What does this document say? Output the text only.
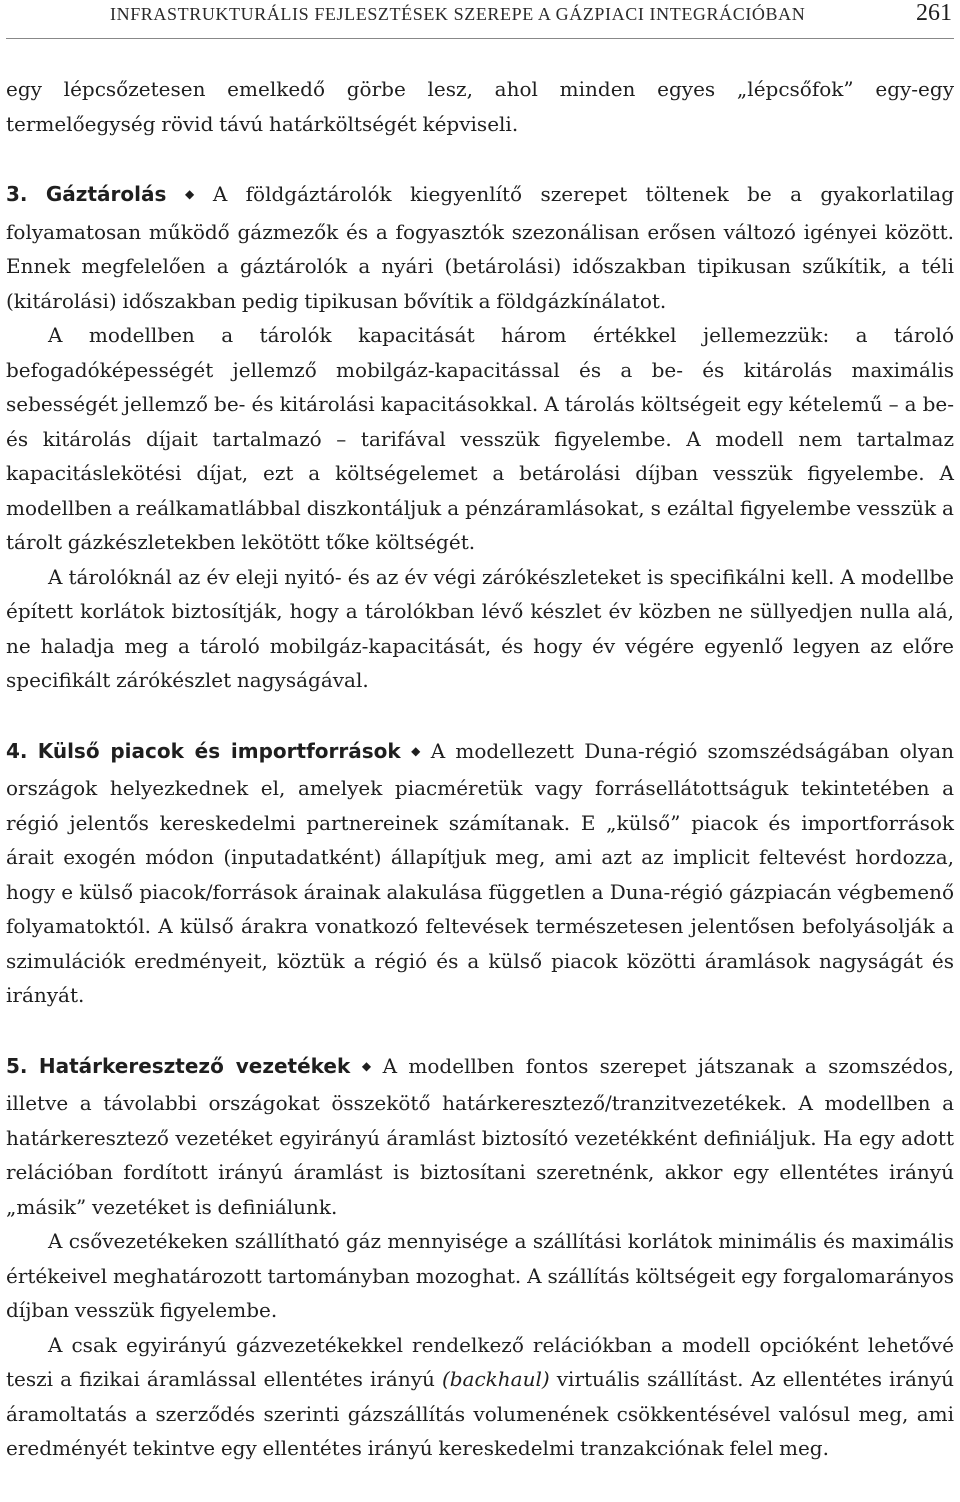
INFRASTRUKTURÁLIS FEJLESZTÉSEK SZEREPE A GÁZPIACI INTEGRÁCIÓBAN	261

egy lépcsőzetesen emelkedő görbe lesz, ahol minden egyes „lépcsőfok” egy-egy termelőegység rövid távú határköltségét képviseli.

3. Gáztárolás ◆ A földgáztárolók kiegyenlítő szerepet töltenek be a gyakorlatilag folyamatosan működő gázmezők és a fogyasztók szezonálisan erősen változó igényei között. Ennek megfelelően a gáztárolók a nyári (betárolási) időszakban tipikusan szűkítik, a téli (kitárolási) időszakban pedig tipikusan bővítik a földgázkínálatot.

A modellben a tárolók kapacitását három értékkel jellemezzük: a tároló befogadóképességét jellemző mobilgáz-kapacitással és a be- és kitárolás maximális sebességét jellemző be- és kitárolási kapacitásokkal. A tárolás költségeit egy kételemű – a be- és kitárolás díjait tartalmazó – tarifával vesszük figyelembe. A modell nem tartalmaz kapacitáslekötési díjat, ezt a költségelemet a betárolási díjban vesszük figyelembe. A modellben a reálkamatlábbal diszkontáljuk a pénzáramlásokat, s ezáltal figyelembe vesszük a tárolt gázkészletekben lekötött tőke költségét.

A tárolóknál az év eleji nyitó- és az év végi zárókészleteket is specifikálni kell. A modellbe épített korlátok biztosítják, hogy a tárolókban lévő készlet év közben ne süllyedjen nulla alá, ne haladja meg a tároló mobilgáz-kapacitását, és hogy év végére egyenlő legyen az előre specifikált zárókészlet nagyságával.

4. Külső piacok és importforrások ◆ A modellezett Duna-régió szomszédságában olyan országok helyezkednek el, amelyek piacméretük vagy forrásellátottságuk tekintetében a régió jelentős kereskedelmi partnereinek számítanak. E „külső” piacok és importforrások árait exogén módon (inputadatként) állapítjuk meg, ami azt az implicit feltevést hordozza, hogy e külső piacok/források árainak alakulása független a Duna-régió gázpiacán végbemenő folyamatoktól. A külső árakra vonatkozó feltevések természetesen jelentősen befolyásolják a szimulációk eredményeit, köztük a régió és a külső piacok közötti áramlások nagyságát és irányát.

5. Határkeresztező vezetékek ◆ A modellben fontos szerepet játszanak a szomszédos, illetve a távolabbi országokat összekötő határkeresztező/tranzitvezetékek. A modellben a határkeresztező vezetéket egyirányú áramlást biztosító vezetékként definiáljuk. Ha egy adott relációban fordított irányú áramlást is biztosítani szeretnénk, akkor egy ellentétes irányú „másik” vezetéket is definiálunk.

A csővezetékeken szállítható gáz mennyisége a szállítási korlátok minimális és maximális értékeivel meghatározott tartományban mozoghat. A szállítás költségeit egy forgalomarányos díjban vesszük figyelembe.

A csak egyirányú gázvezetékekkel rendelkező relációkban a modell opcióként lehetővé teszi a fizikai áramlással ellentétes irányú (backhaul) virtuális szállítást. Az ellentétes irányú áramoltatás a szerződés szerinti gázszállítás volumenének csökkentésével valósul meg, ami eredményét tekintve egy ellentétes irányú kereskedelmi tranzakciónak felel meg.
